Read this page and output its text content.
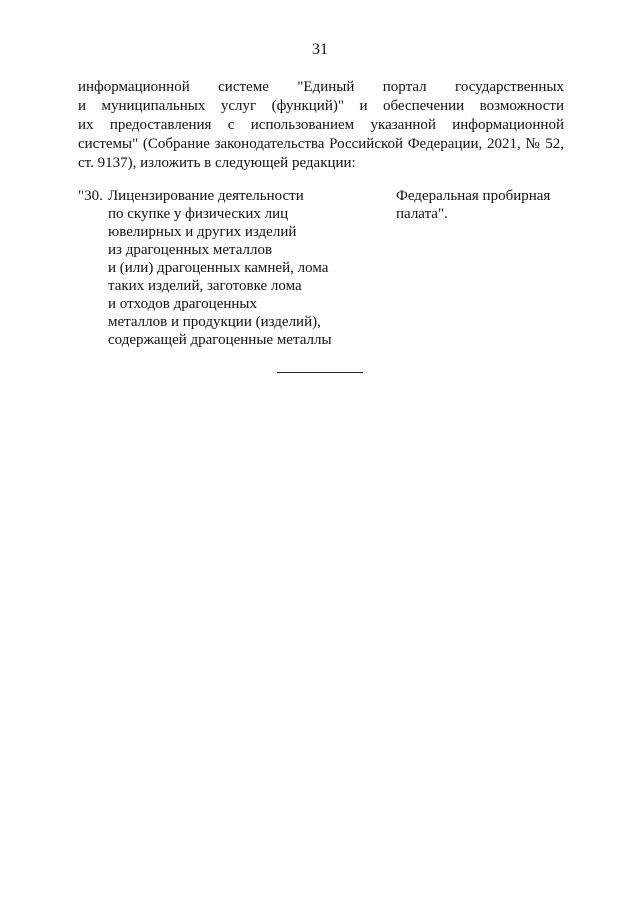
31
информационной системе "Единый портал государственных
и муниципальных услуг (функций)" и обеспечении возможности
их предоставления с использованием указанной информационной
системы" (Собрание законодательства Российской Федерации, 2021, № 52,
ст. 9137), изложить в следующей редакции:
"30. Лицензирование деятельности
по скупке у физических лиц
ювелирных и других изделий
из драгоценных металлов
и (или) драгоценных камней, лома
таких изделий, заготовке лома
и отходов драгоценных
металлов и продукции (изделий),
содержащей драгоценные металлы
Федеральная пробирная
палата".
